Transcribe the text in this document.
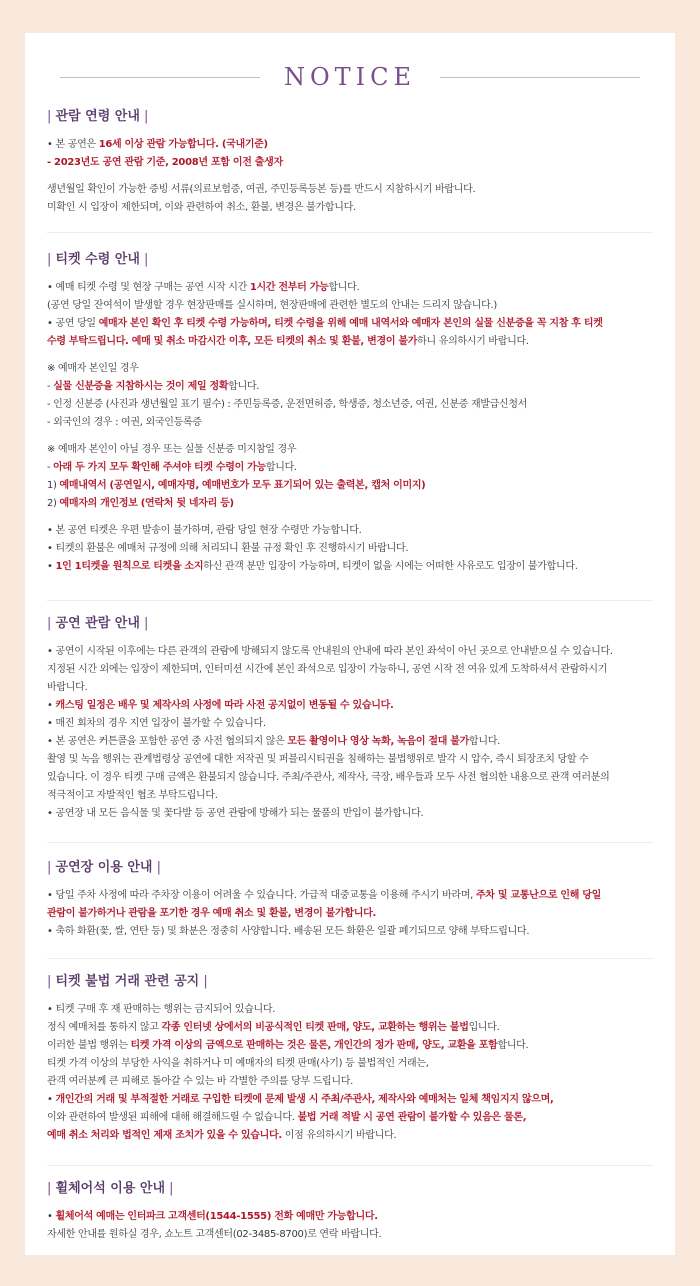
NOTICE
| 관람 연령 안내 |
• 본 공연은 16세 이상 관람 가능합니다. (국내기준)
- 2023년도 공연 관람 기준, 2008년 포함 이전 출생자
생년월일 확인이 가능한 증빙 서류(의료보험증, 여권, 주민등록등본 등)를 반드시 지참하시기 바랍니다.
미확인 시 입장이 제한되며, 이와 관련하여 취소, 환불, 변경은 불가합니다.
| 티켓 수령 안내 |
• 예매 티켓 수령 및 현장 구매는 공연 시작 시간 1시간 전부터 가능합니다.
(공연 당일 잔여석이 발생할 경우 현장판매를 실시하며, 현장판매에 관련한 별도의 안내는 드리지 않습니다.)
• 공연 당일 예매자 본인 확인 후 티켓 수령 가능하며, 티켓 수령을 위해 예매 내역서와 예매자 본인의 실물 신분증을 꼭 지참 후 티켓
수령 부탁드립니다. 예매 및 취소 마감시간 이후, 모든 티켓의 취소 및 환불, 변경이 불가하니 유의하시기 바랍니다.
※ 예매자 본인일 경우
- 실물 신분증을 지참하시는 것이 제일 정확합니다.
- 인정 신분증 (사진과 생년월일 표기 필수) : 주민등록증, 운전면허증, 학생증, 청소년증, 여권, 신분증 재발급신청서
- 외국인의 경우 : 여권, 외국인등록증
※ 예매자 본인이 아닐 경우 또는 실물 신분증 미지참일 경우
- 아래 두 가지 모두 확인해 주셔야 티켓 수령이 가능합니다.
1) 예매내역서 (공연일시, 예매자명, 예매번호가 모두 표기되어 있는 출력본, 캡처 이미지)
2) 예매자의 개인정보 (연락처 뒷 네자리 등)
• 본 공연 티켓은 우편 발송이 불가하며, 관람 당일 현장 수령만 가능합니다.
• 티켓의 환불은 예매처 규정에 의해 처리되니 환불 규정 확인 후 진행하시기 바랍니다.
• 1인 1티켓을 원칙으로 티켓을 소지하신 관객 분만 입장이 가능하며, 티켓이 없을 시에는 어떠한 사유로도 입장이 불가합니다.
| 공연 관람 안내 |
• 공연이 시작된 이후에는 다른 관객의 관람에 방해되지 않도록 안내원의 안내에 따라 본인 좌석이 아닌 곳으로 안내받으실 수 있습니다.
지정된 시간 외에는 입장이 제한되며, 인터미션 시간에 본인 좌석으로 입장이 가능하니, 공연 시작 전 여유 있게 도착하셔서 관람하시기
바랍니다.
• 캐스팅 일정은 배우 및 제작사의 사정에 따라 사전 공지없이 변동될 수 있습니다.
• 매진 회차의 경우 지연 입장이 불가할 수 있습니다.
• 본 공연은 커튼콜을 포함한 공연 중 사전 협의되지 않은 모든 촬영이나 영상 녹화, 녹음이 절대 불가합니다.
촬영 및 녹음 행위는 관계법령상 공연에 대한 저작권 및 퍼블리시티권을 침해하는 불법행위로 발각 시 압수, 즉시 퇴장조치 당할 수
있습니다. 이 경우 티켓 구매 금액은 환불되지 않습니다. 주최/주관사, 제작사, 극장, 배우들과 모두 사전 협의한 내용으로 관객 여러분의
적극적이고 자발적인 협조 부탁드립니다.
• 공연장 내 모든 음식물 및 꽃다발 등 공연 관람에 방해가 되는 물품의 반입이 불가합니다.
| 공연장 이용 안내 |
• 당일 주차 사정에 따라 주차장 이용이 어려울 수 있습니다. 가급적 대중교통을 이용해 주시기 바라며, 주차 및 교통난으로 인해 당일
관람이 불가하거나 관람을 포기한 경우 예매 취소 및 환불, 변경이 불가합니다.
• 축하 화환(꽃, 쌀, 연탄 등) 및 화분은 정중히 사양합니다. 배송된 모든 화환은 일괄 폐기되므로 양해 부탁드립니다.
| 티켓 불법 거래 관련 공지 |
• 티켓 구매 후 재 판매하는 행위는 금지되어 있습니다.
정식 예매처를 통하지 않고 각종 인터넷 상에서의 비공식적인 티켓 판매, 양도, 교환하는 행위는 불법입니다.
이러한 불법 행위는 티켓 가격 이상의 금액으로 판매하는 것은 물론, 개인간의 정가 판매, 양도, 교환을 포함합니다.
티켓 가격 이상의 부당한 사익을 취하거나 미 예매자의 티켓 판매(사기) 등 불법적인 거래는,
관객 여러분께 큰 피해로 돌아갈 수 있는 바 각별한 주의를 당부 드립니다.
• 개인간의 거래 및 부적절한 거래로 구입한 티켓에 문제 발생 시 주최/주관사, 제작사와 예매처는 일체 책임지지 않으며,
이와 관련하여 발생된 피해에 대해 해결해드릴 수 없습니다. 불법 거래 적발 시 공연 관람이 불가할 수 있음은 물론,
예매 취소 처리와 법적인 제재 조치가 있을 수 있습니다. 이점 유의하시기 바랍니다.
| 휠체어석 이용 안내 |
• 휠체어석 예매는 인터파크 고객센터(1544-1555) 전화 예매만 가능합니다.
자세한 안내를 원하실 경우, 쇼노트 고객센터(02-3485-8700)로 연락 바랍니다.
